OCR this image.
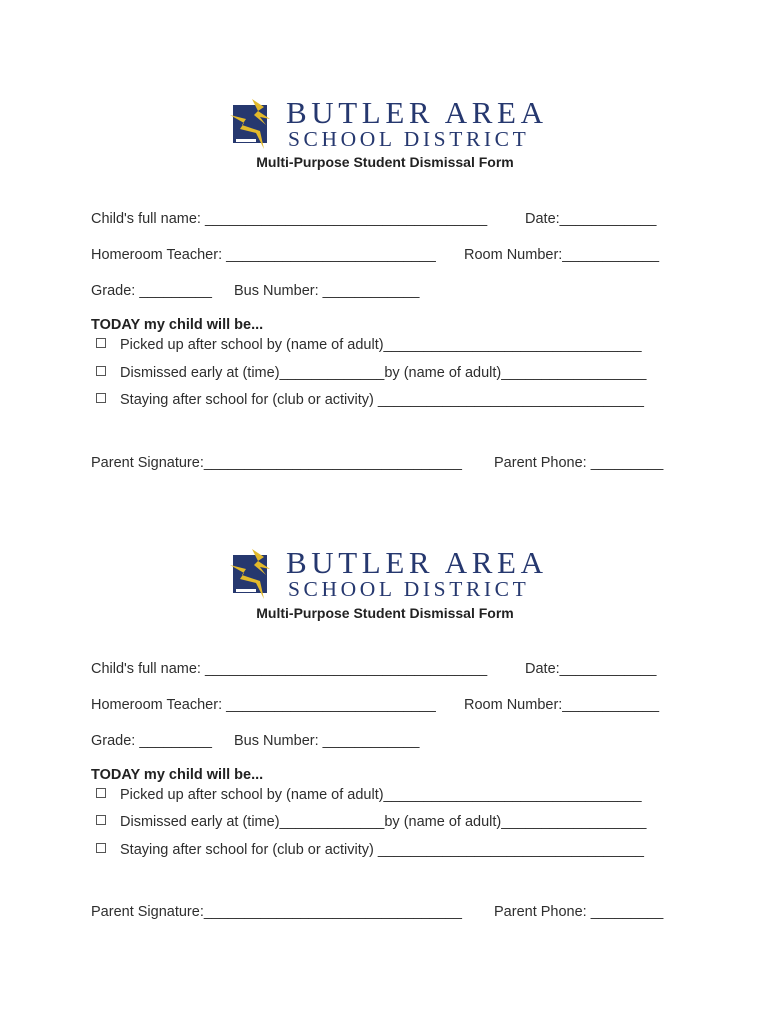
BUTLER AREA
SCHOOL DISTRICT
Multi-Purpose Student Dismissal Form
Child's full name: ___________________________________	Date:____________
Homeroom Teacher: __________________________ Room Number:____________
Grade: _________ Bus Number: ____________
TODAY my child will be...
Picked up after school by (name of adult)________________________________
Dismissed early at (time)_____________by (name of adult)__________________
Staying after school for (club or activity) _________________________________
Parent Signature:________________________________ Parent Phone: _________
BUTLER AREA
SCHOOL DISTRICT
Multi-Purpose Student Dismissal Form
Child's full name: ___________________________________	Date:____________
Homeroom Teacher: __________________________ Room Number:____________
Grade: _________ Bus Number: ____________
TODAY my child will be...
Picked up after school by (name of adult)________________________________
Dismissed early at (time)_____________by (name of adult)__________________
Staying after school for (club or activity) _________________________________
Parent Signature:________________________________ Parent Phone: _________
